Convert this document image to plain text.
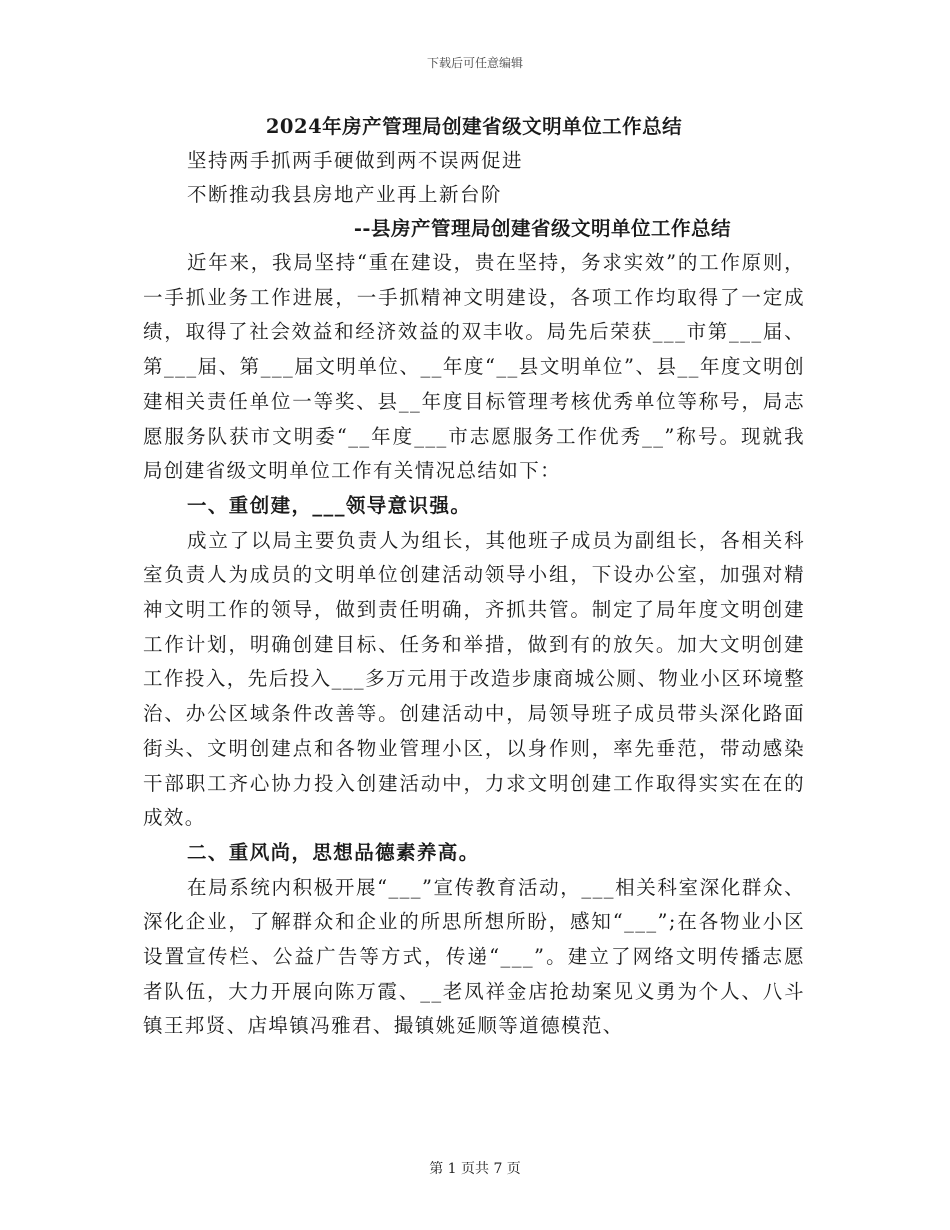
下载后可任意编辑

2024年房产管理局创建省级文明单位工作总结

坚持两手抓两手硬做到两不误两促进

不断推动我县房地产业再上新台阶

--县房产管理局创建省级文明单位工作总结

近年来，我局坚持“重在建设，贵在坚持，务求实效”的工作原则，一手抓业务工作进展，一手抓精神文明建设，各项工作均取得了一定成绩，取得了社会效益和经济效益的双丰收。局先后荣获___市第___届、第___届、第___届文明单位、__年度“__县文明单位”、县__年度文明创建相关责任单位一等奖、县__年度目标管理考核优秀单位等称号，局志愿服务队获市文明委“__年度___市志愿服务工作优秀__”称号。现就我局创建省级文明单位工作有关情况总结如下：

一、重创建，___领导意识强。

成立了以局主要负责人为组长，其他班子成员为副组长，各相关科室负责人为成员的文明单位创建活动领导小组，下设办公室，加强对精神文明工作的领导，做到责任明确，齐抓共管。制定了局年度文明创建工作计划，明确创建目标、任务和举措，做到有的放矢。加大文明创建工作投入，先后投入___多万元用于改造步康商城公厕、物业小区环境整治、办公区域条件改善等。创建活动中，局领导班子成员带头深化路面街头、文明创建点和各物业管理小区，以身作则，率先垂范，带动感染干部职工齐心协力投入创建活动中，力求文明创建工作取得实实在在的成效。

二、重风尚，思想品德素养高。

在局系统内积极开展“___”宣传教育活动，___相关科室深化群众、深化企业，了解群众和企业的所思所想所盼，感知“___”;在各物业小区设置宣传栏、公益广告等方式，传递“___”。建立了网络文明传播志愿者队伍，大力开展向陈万霞、__老凤祥金店抢劫案见义勇为个人、八斗镇王邦贤、店埠镇冯雅君、撮镇姚延顺等道德模范、

第 1 页共 7 页
